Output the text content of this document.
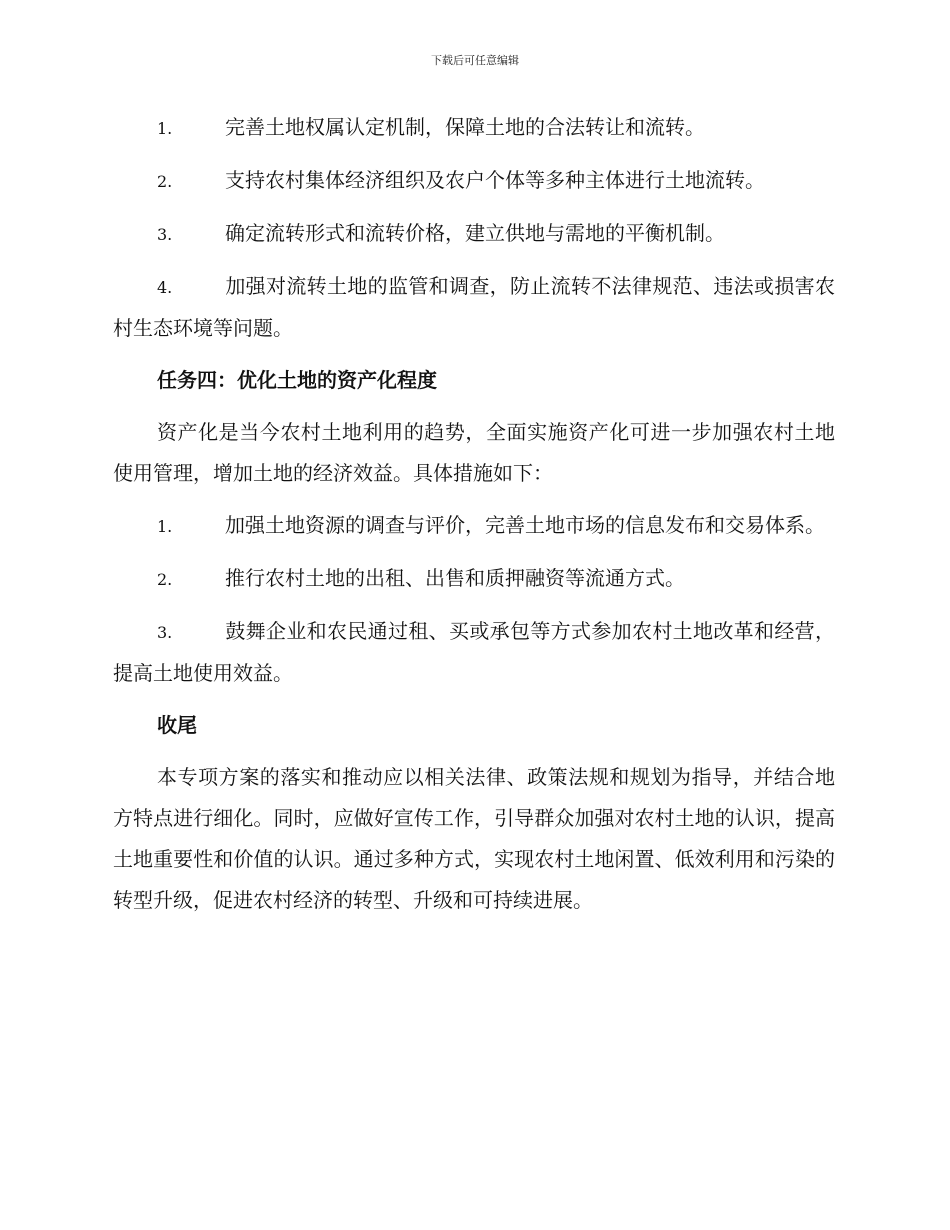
下载后可任意编辑

1.	完善土地权属认定机制，保障土地的合法转让和流转。

2.	支持农村集体经济组织及农户个体等多种主体进行土地流转。

3.	确定流转形式和流转价格，建立供地与需地的平衡机制。

4.	加强对流转土地的监管和调查，防止流转不法律规范、违法或损害农村生态环境等问题。

任务四：优化土地的资产化程度

资产化是当今农村土地利用的趋势，全面实施资产化可进一步加强农村土地使用管理，增加土地的经济效益。具体措施如下：

1.	加强土地资源的调查与评价，完善土地市场的信息发布和交易体系。

2.	推行农村土地的出租、出售和质押融资等流通方式。

3.	鼓舞企业和农民通过租、买或承包等方式参加农村土地改革和经营，提高土地使用效益。

收尾

本专项方案的落实和推动应以相关法律、政策法规和规划为指导，并结合地方特点进行细化。同时，应做好宣传工作，引导群众加强对农村土地的认识，提高土地重要性和价值的认识。通过多种方式，实现农村土地闲置、低效利用和污染的转型升级，促进农村经济的转型、升级和可持续进展。
